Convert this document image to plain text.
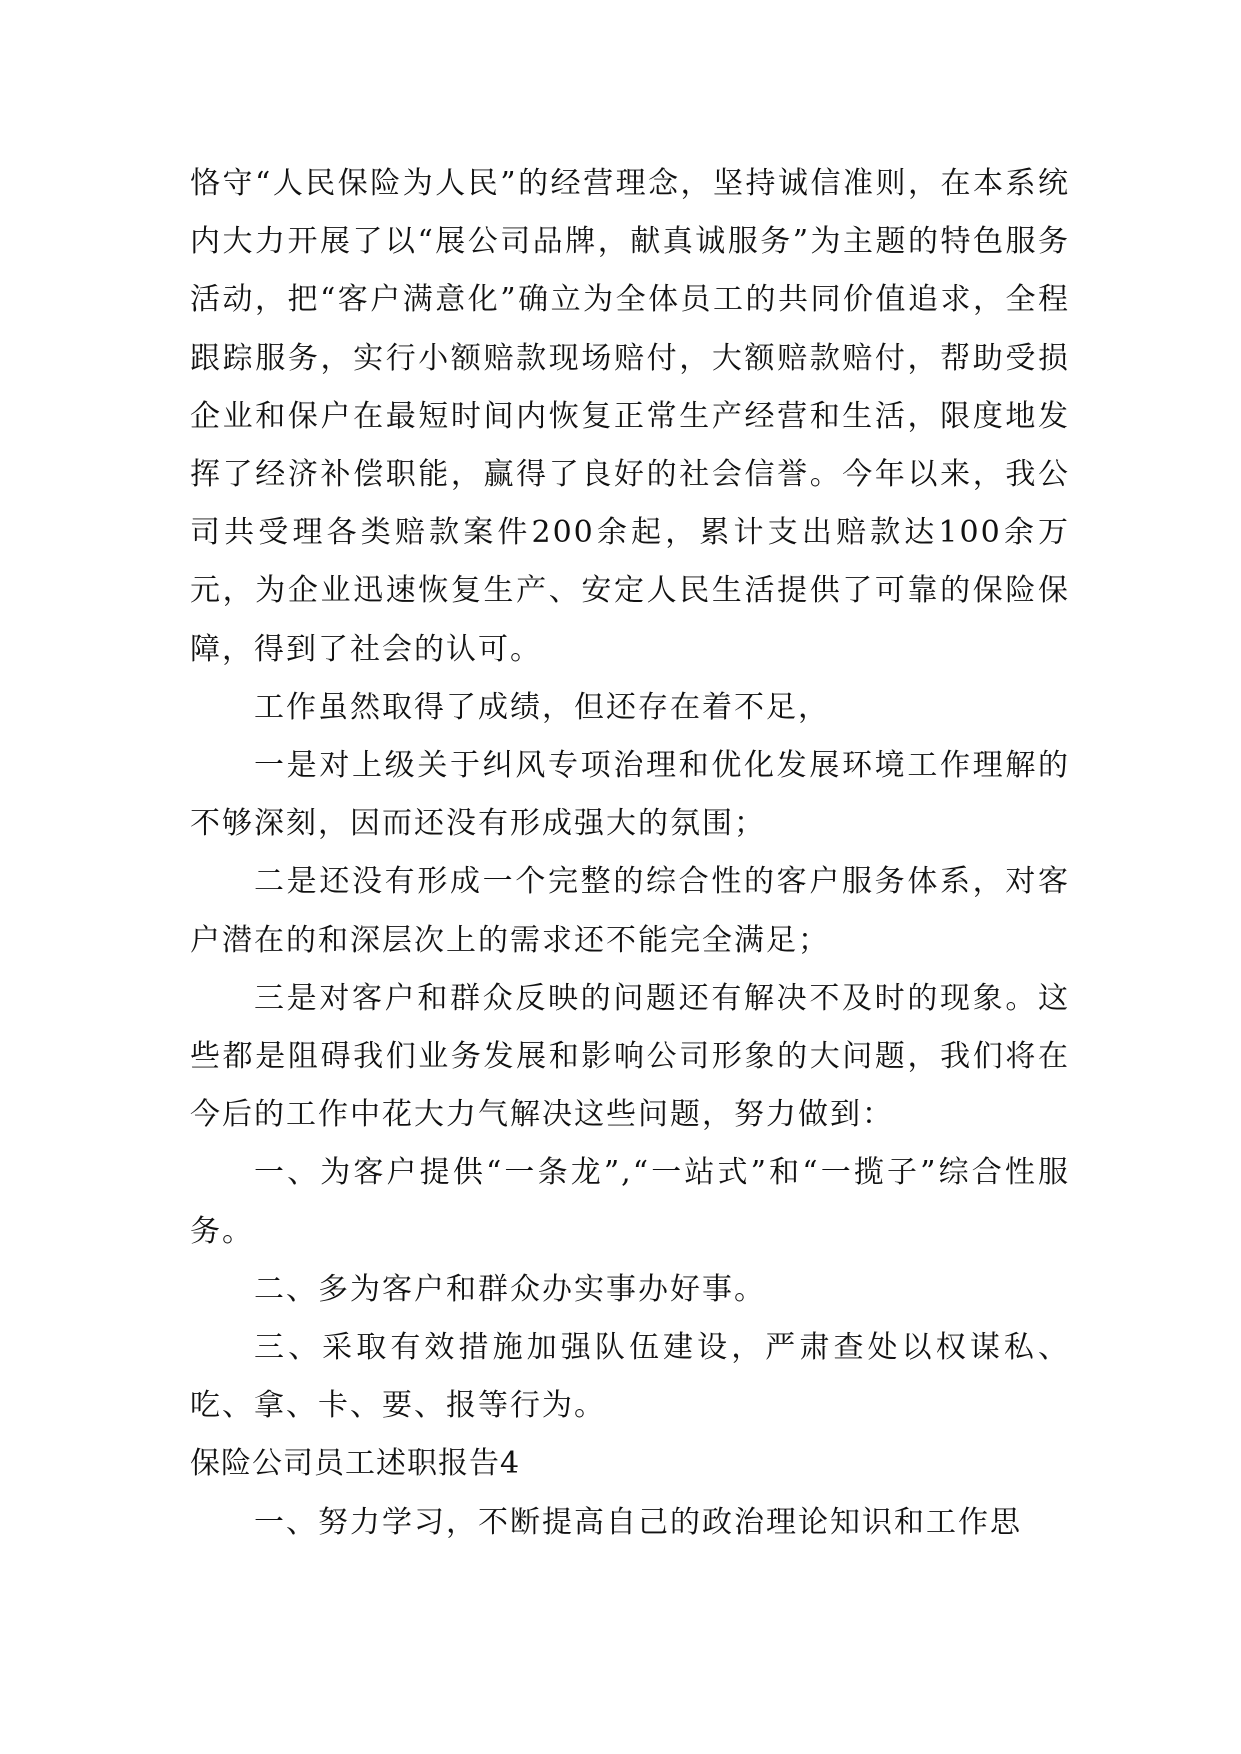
恪守“人民保险为人民”的经营理念，坚持诚信准则，在本系统内大力开展了以“展公司品牌，献真诚服务”为主题的特色服务活动，把“客户满意化”确立为全体员工的共同价值追求，全程跟踪服务，实行小额赔款现场赔付，大额赔款赔付，帮助受损企业和保户在最短时间内恢复正常生产经营和生活，限度地发挥了经济补偿职能，赢得了良好的社会信誉。今年以来，我公司共受理各类赔款案件200余起，累计支出赔款达100余万元，为企业迅速恢复生产、安定人民生活提供了可靠的保险保障，得到了社会的认可。

工作虽然取得了成绩，但还存在着不足，

一是对上级关于纠风专项治理和优化发展环境工作理解的不够深刻，因而还没有形成强大的氛围；

二是还没有形成一个完整的综合性的客户服务体系，对客户潜在的和深层次上的需求还不能完全满足；

三是对客户和群众反映的问题还有解决不及时的现象。这些都是阻碍我们业务发展和影响公司形象的大问题，我们将在今后的工作中花大力气解决这些问题，努力做到：

一、为客户提供“一条龙”,“一站式”和“一揽子”综合性服务。

二、多为客户和群众办实事办好事。

三、采取有效措施加强队伍建设，严肃查处以权谋私、吃、拿、卡、要、报等行为。

保险公司员工述职报告4

一、努力学习，不断提高自己的政治理论知识和工作思
